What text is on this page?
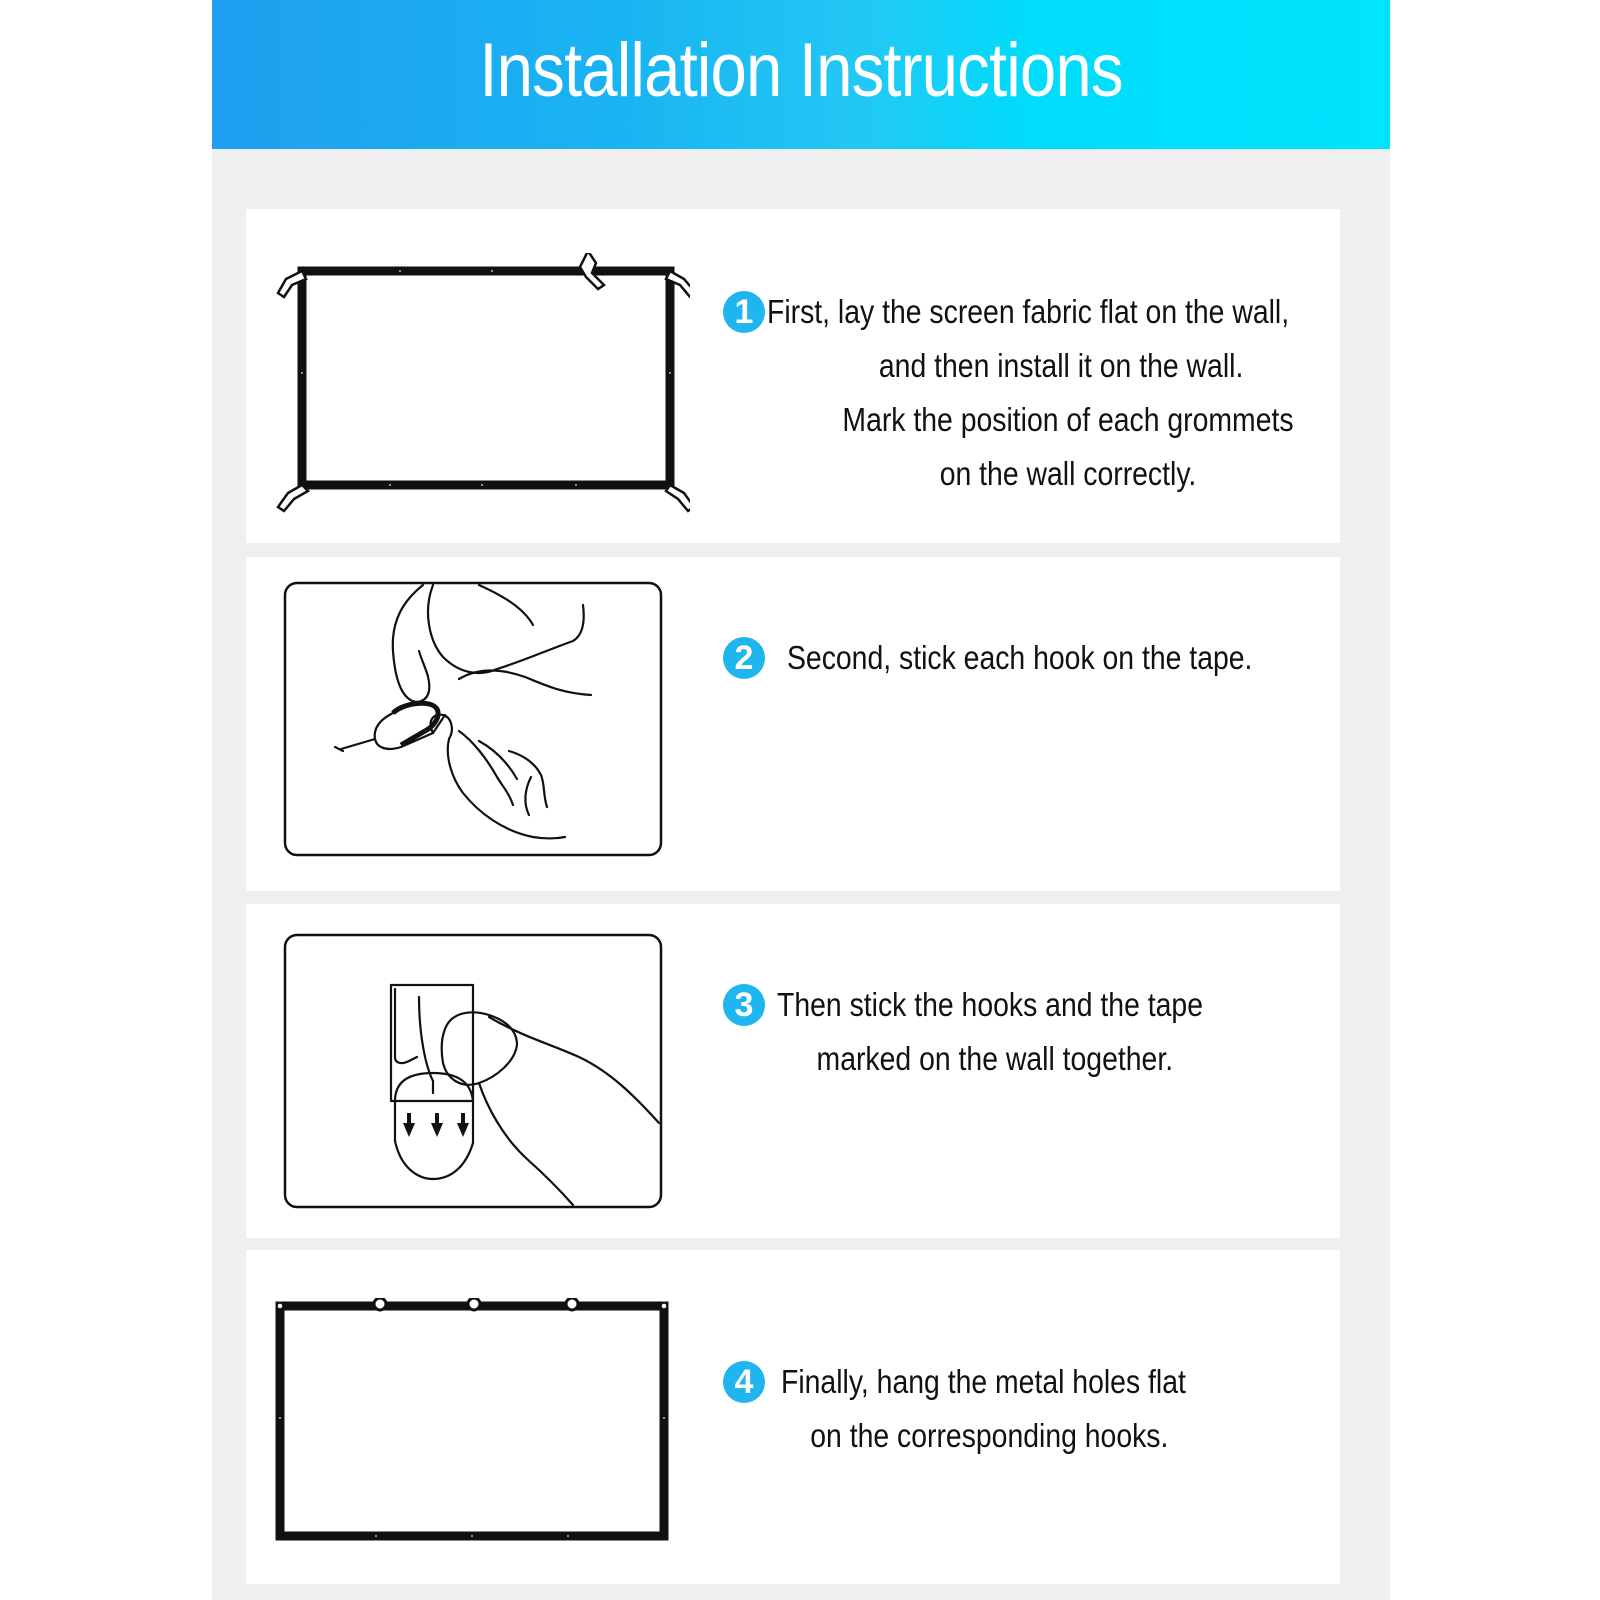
Installation Instructions
1 First, lay the screen fabric flat on the wall,
and then install it on the wall.
Mark the position of each grommets
on the wall correctly.
2	Second, stick each hook on the tape.
3 Then stick the hooks and the tape
marked on the wall together.
4 Finally, hang the metal holes flat
on the corresponding hooks.
